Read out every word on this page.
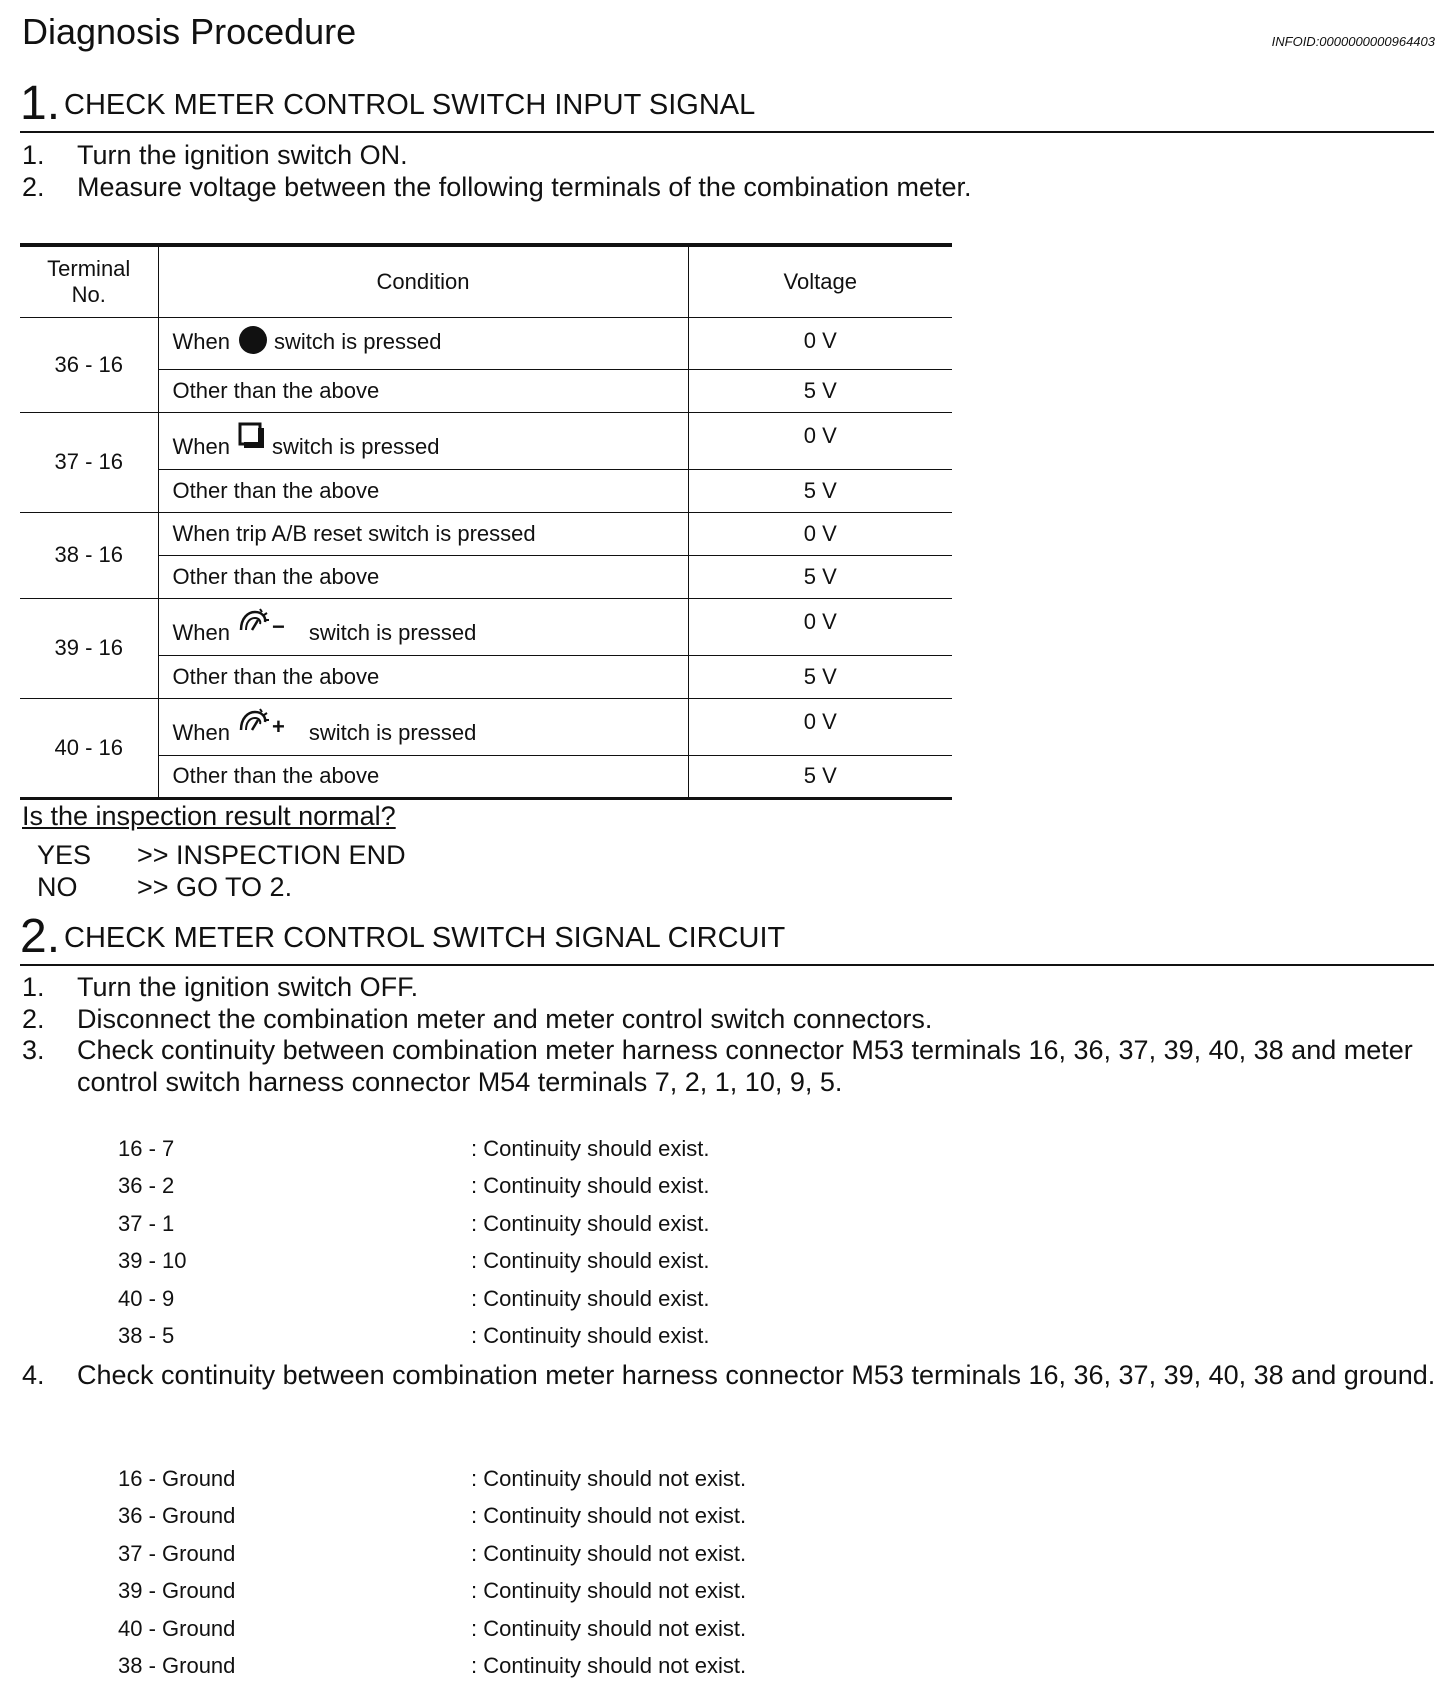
Diagnosis Procedure	INFOID:0000000000964403
1. CHECK METER CONTROL SWITCH INPUT SIGNAL
1.	Turn the ignition switch ON.
2.	Measure voltage between the following terminals of the combination meter.
Terminal No.	Condition	Voltage
36 - 16	When switch is pressed	0 V
	Other than the above	5 V
37 - 16	When switch is pressed	0 V
	Other than the above	5 V
38 - 16	When trip A/B reset switch is pressed	0 V
	Other than the above	5 V
39 - 16	When − switch is pressed	0 V
	Other than the above	5 V
40 - 16	When + switch is pressed	0 V
	Other than the above	5 V
Is the inspection result normal?
YES	>> INSPECTION END
NO	>> GO TO 2.
2. CHECK METER CONTROL SWITCH SIGNAL CIRCUIT
1.	Turn the ignition switch OFF.
2.	Disconnect the combination meter and meter control switch connectors.
3.	Check continuity between combination meter harness connector M53 terminals 16, 36, 37, 39, 40, 38 and meter control switch harness connector M54 terminals 7, 2, 1, 10, 9, 5.
16 - 7	: Continuity should exist.
36 - 2	: Continuity should exist.
37 - 1	: Continuity should exist.
39 - 10	: Continuity should exist.
40 - 9	: Continuity should exist.
38 - 5	: Continuity should exist.
4.	Check continuity between combination meter harness connector M53 terminals 16, 36, 37, 39, 40, 38 and ground.
16 - Ground	: Continuity should not exist.
36 - Ground	: Continuity should not exist.
37 - Ground	: Continuity should not exist.
39 - Ground	: Continuity should not exist.
40 - Ground	: Continuity should not exist.
38 - Ground	: Continuity should not exist.
